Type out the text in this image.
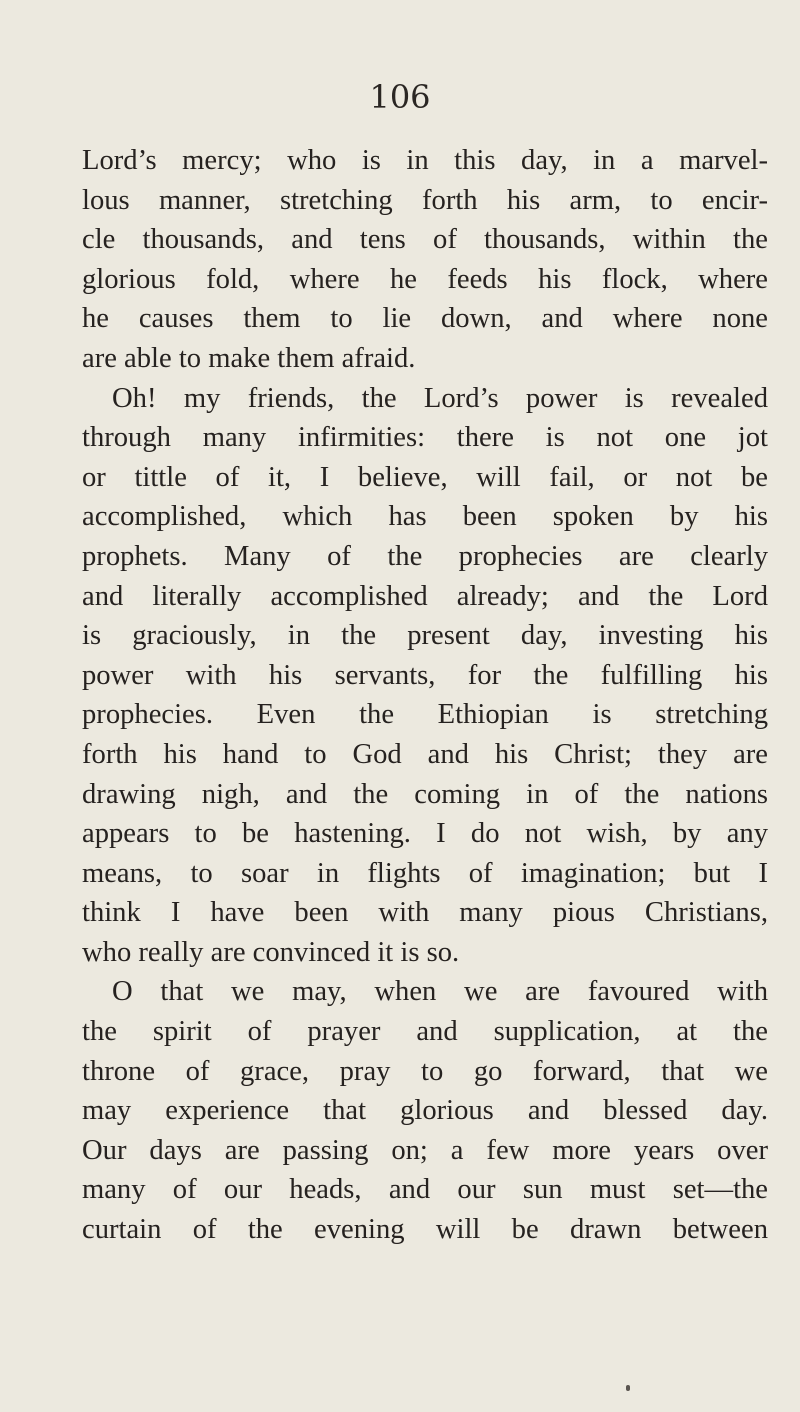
106
Lord’s mercy; who is in this day, in a marvel-
lous manner, stretching forth his arm, to encir-
cle thousands, and tens of thousands, within the
glorious fold, where he feeds his flock, where
he causes them to lie down, and where none
are able to make them afraid.
Oh! my friends, the Lord’s power is revealed
through many infirmities: there is not one jot
or tittle of it, I believe, will fail, or not be
accomplished, which has been spoken by his
prophets. Many of the prophecies are clearly
and literally accomplished already; and the Lord
is graciously, in the present day, investing his
power with his servants, for the fulfilling his
prophecies. Even the Ethiopian is stretching
forth his hand to God and his Christ; they are
drawing nigh, and the coming in of the nations
appears to be hastening. I do not wish, by any
means, to soar in flights of imagination; but I
think I have been with many pious Christians,
who really are convinced it is so.
O that we may, when we are favoured with
the spirit of prayer and supplication, at the
throne of grace, pray to go forward, that we
may experience that glorious and blessed day.
Our days are passing on; a few more years over
many of our heads, and our sun must set—the
curtain of the evening will be drawn between
